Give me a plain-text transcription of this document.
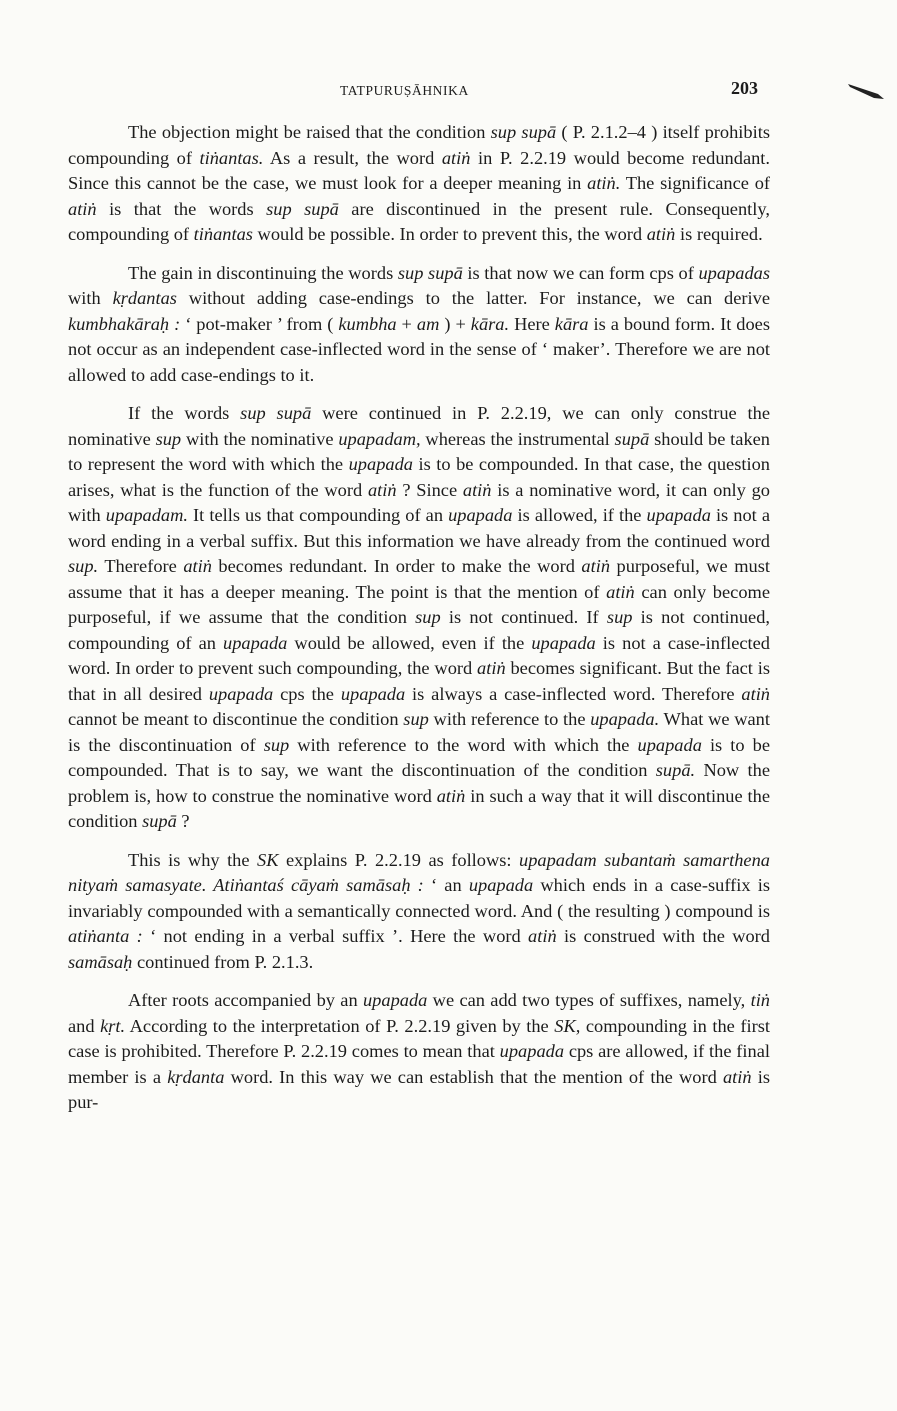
TATPURUṢĀHNIKA	203

The objection might be raised that the condition sup supā ( P. 2.1.2–4 ) itself prohibits compounding of tiṅantas. As a result, the word atiṅ in P. 2.2.19 would become redundant. Since this cannot be the case, we must look for a deeper meaning in atiṅ. The significance of atiṅ is that the words sup supā are discontinued in the present rule. Consequently, compounding of tiṅantas would be possible. In order to prevent this, the word atiṅ is required.

The gain in discontinuing the words sup supā is that now we can form cps of upapadas with kṛdantas without adding case-endings to the latter. For instance, we can derive kumbhakāraḥ : ‘ pot-maker ’ from ( kumbha + am ) + kāra. Here kāra is a bound form. It does not occur as an independent case-inflected word in the sense of ‘ maker’. Therefore we are not allowed to add case-endings to it.

If the words sup supā were continued in P. 2.2.19, we can only construe the nominative sup with the nominative upapadam, whereas the instrumental supā should be taken to represent the word with which the upapada is to be compounded. In that case, the question arises, what is the function of the word atiṅ ? Since atiṅ is a nominative word, it can only go with upapadam. It tells us that compounding of an upapada is allowed, if the upapada is not a word ending in a verbal suffix. But this information we have already from the continued word sup. Therefore atiṅ becomes redundant. In order to make the word atiṅ purposeful, we must assume that it has a deeper meaning. The point is that the mention of atiṅ can only become purposeful, if we assume that the condition sup is not continued. If sup is not continued, compounding of an upapada would be allowed, even if the upapada is not a case-inflected word. In order to prevent such compounding, the word atiṅ becomes significant. But the fact is that in all desired upapada cps the upapada is always a case-inflected word. Therefore atiṅ cannot be meant to discontinue the condition sup with reference to the upapada. What we want is the discontinuation of sup with reference to the word with which the upapada is to be compounded. That is to say, we want the discontinuation of the condition supā. Now the problem is, how to construe the nominative word atiṅ in such a way that it will discontinue the condition supā ?

This is why the SK explains P. 2.2.19 as follows: upapadam subantaṁ samarthena nityaṁ samasyate. Atiṅantaś cāyaṁ samāsaḥ : ‘ an upapada which ends in a case-suffix is invariably compounded with a semantically connected word. And ( the resulting ) compound is atiṅanta : ‘ not ending in a verbal suffix ’. Here the word atiṅ is construed with the word samāsaḥ continued from P. 2.1.3.

After roots accompanied by an upapada we can add two types of suffixes, namely, tiṅ and kṛt. According to the interpretation of P. 2.2.19 given by the SK, compounding in the first case is prohibited. Therefore P. 2.2.19 comes to mean that upapada cps are allowed, if the final member is a kṛdanta word. In this way we can establish that the mention of the word atiṅ is pur-
